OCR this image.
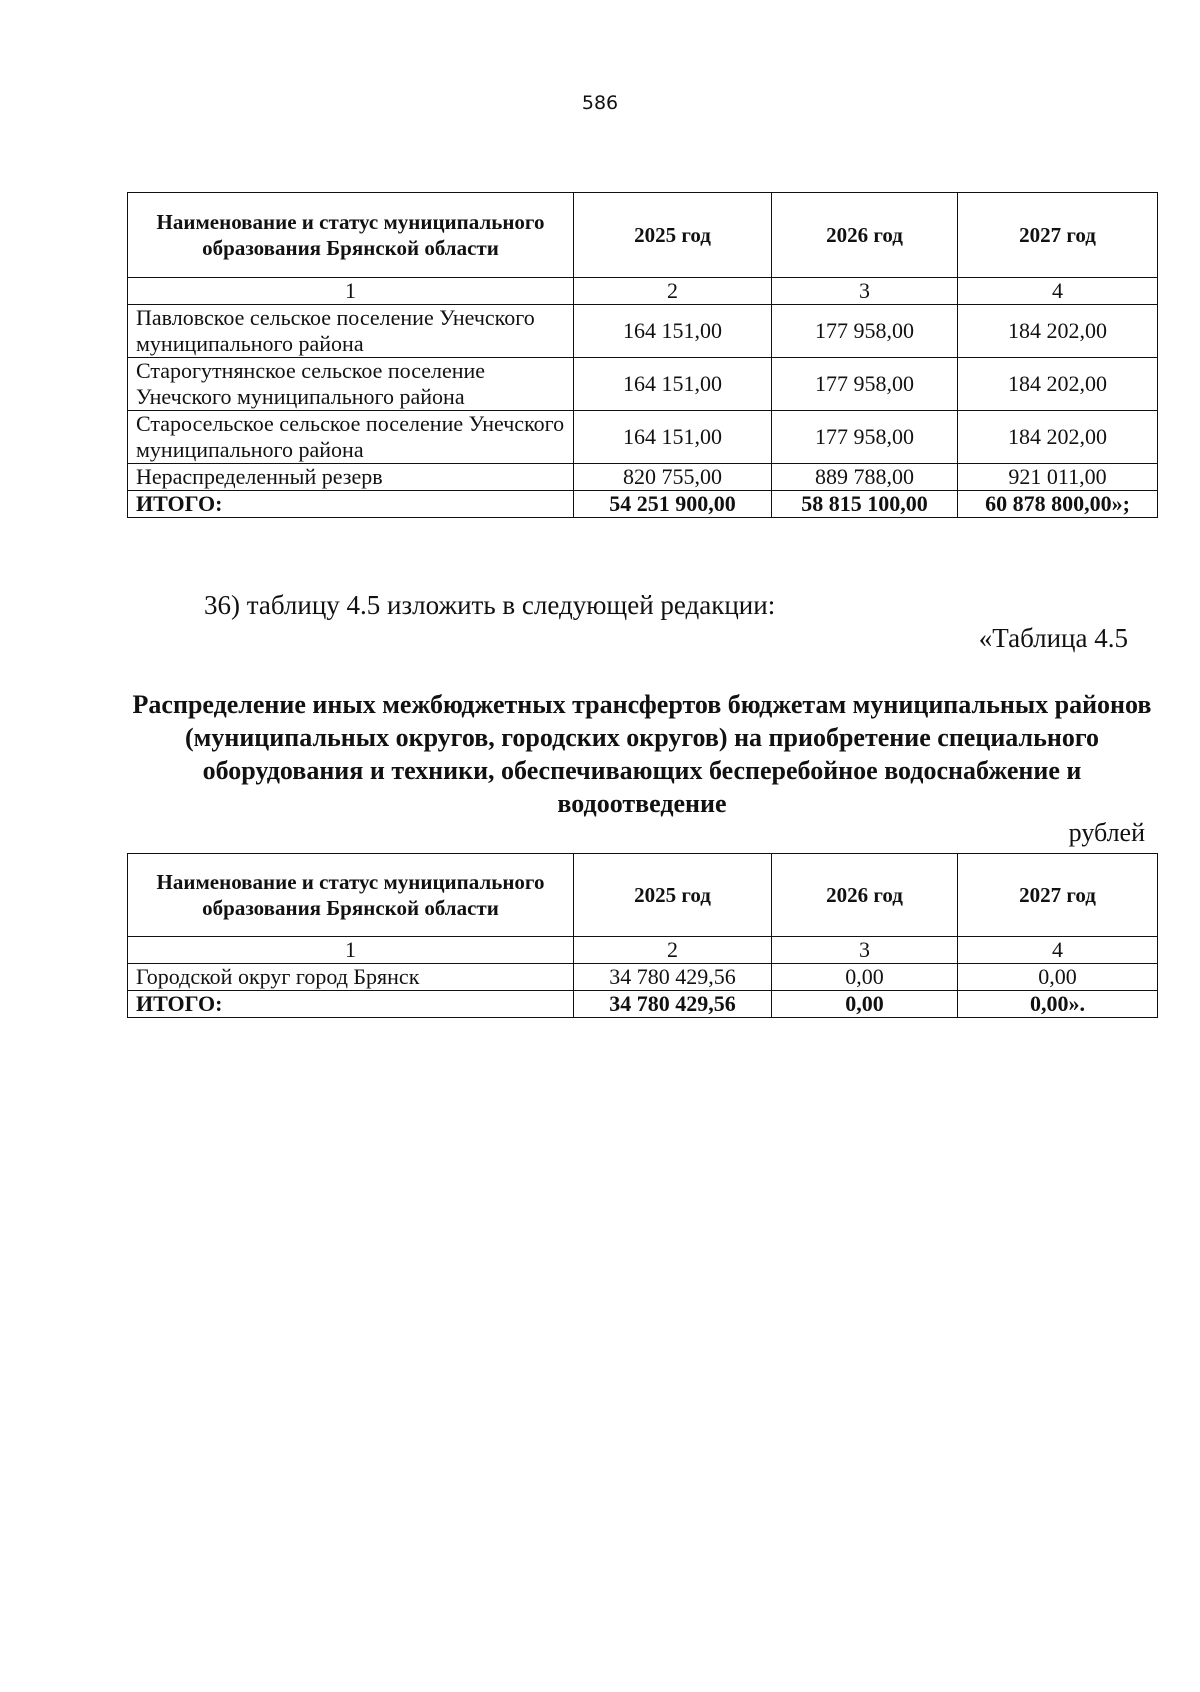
586
Наименование и статус муниципального образования Брянской области	2025 год	2026 год	2027 год
1	2	3	4
Павловское сельское поселение Унечского муниципального района	164 151,00	177 958,00	184 202,00
Старогутнянское сельское поселение Унечского муниципального района	164 151,00	177 958,00	184 202,00
Старосельское сельское поселение Унечского муниципального района	164 151,00	177 958,00	184 202,00
Нераспределенный резерв	820 755,00	889 788,00	921 011,00
ИТОГО:	54 251 900,00	58 815 100,00	60 878 800,00»;
36) таблицу 4.5 изложить в следующей редакции:
«Таблица 4.5
Распределение иных межбюджетных трансфертов бюджетам муниципальных районов (муниципальных округов, городских округов) на приобретение специального оборудования и техники, обеспечивающих бесперебойное водоснабжение и водоотведение
рублей
Наименование и статус муниципального образования Брянской области	2025 год	2026 год	2027 год
1	2	3	4
Городской округ город Брянск	34 780 429,56	0,00	0,00
ИТОГО:	34 780 429,56	0,00	0,00».
